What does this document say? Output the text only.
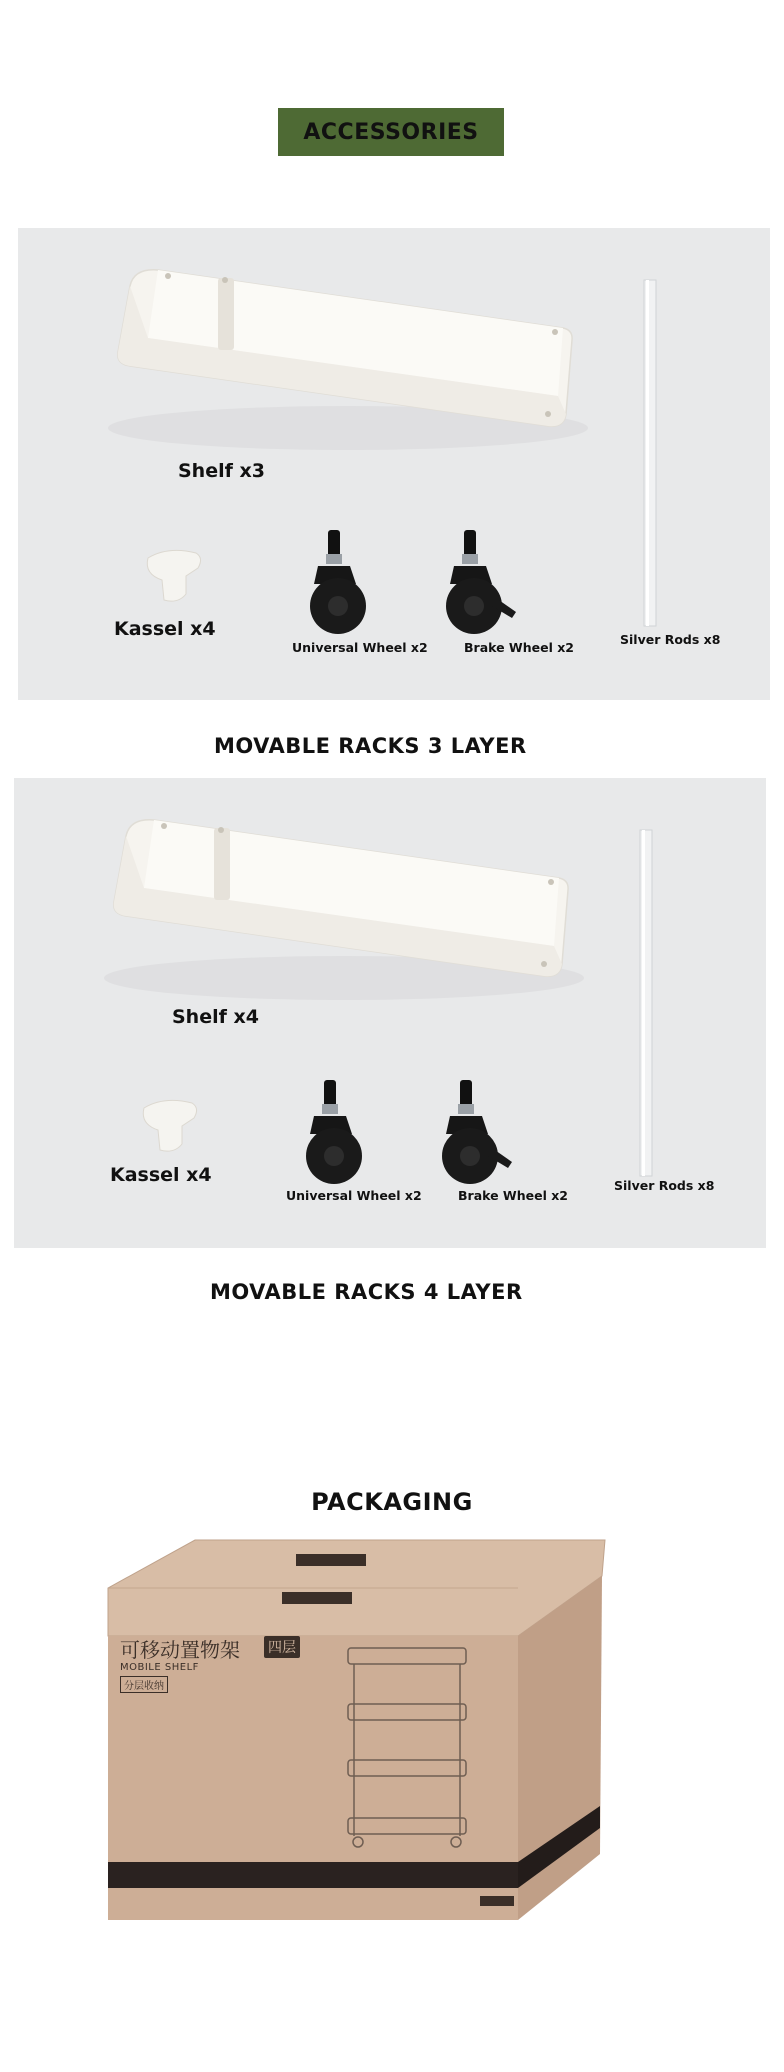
ACCESSORIES
Shelf x3
Kassel x4
Universal Wheel x2	Brake Wheel x2
Silver Rods x8
MOVABLE RACKS 3 LAYER
Shelf x4
Kassel x4
Universal Wheel x2	Brake Wheel x2
Silver Rods x8
MOVABLE RACKS 4 LAYER
PACKAGING
可移动置物架 四层
MOBILE SHELF
分层收纳
